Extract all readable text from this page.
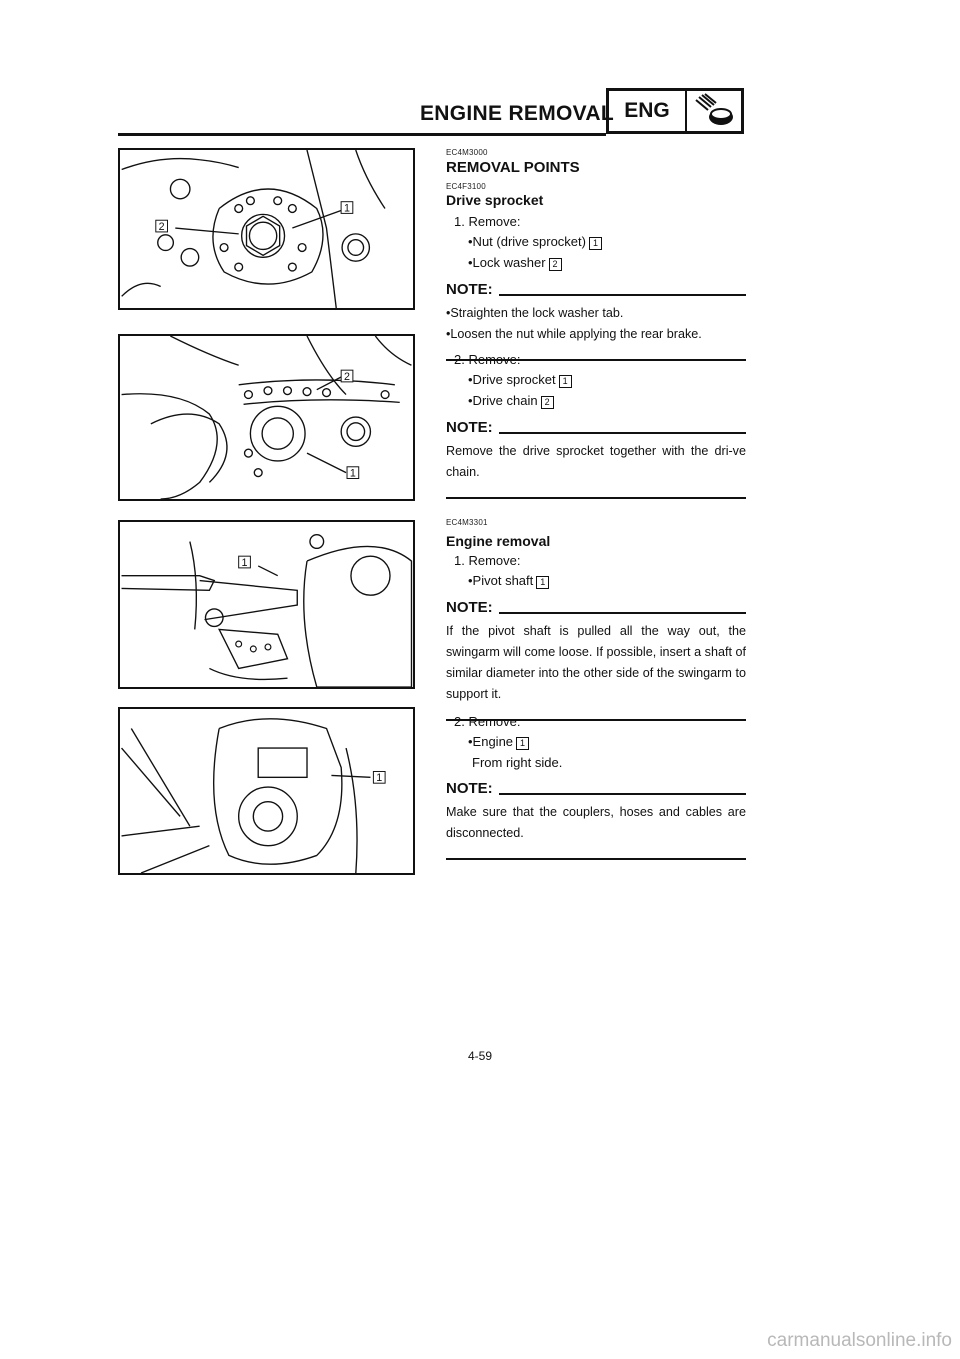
ENGINE REMOVAL ENG
1
2
2
1
1
1
EC4M3000
REMOVAL POINTS
EC4F3100
Drive sprocket
1. Remove:
•Nut (drive sprocket) 1
•Lock washer 2
NOTE:
•Straighten the lock washer tab.
•Loosen the nut while applying the rear brake.
2. Remove:
•Drive sprocket 1
•Drive chain 2
NOTE:
Remove the drive sprocket together with the dri-ve chain.
EC4M3301
Engine removal
1. Remove:
•Pivot shaft 1
NOTE:
If the pivot shaft is pulled all the way out, the swingarm will come loose. If possible, insert a shaft of similar diameter into the other side of the swingarm to support it.
2. Remove:
•Engine 1
From right side.
NOTE:
Make sure that the couplers, hoses and cables are disconnected.
4-59
carmanualsonline.info
